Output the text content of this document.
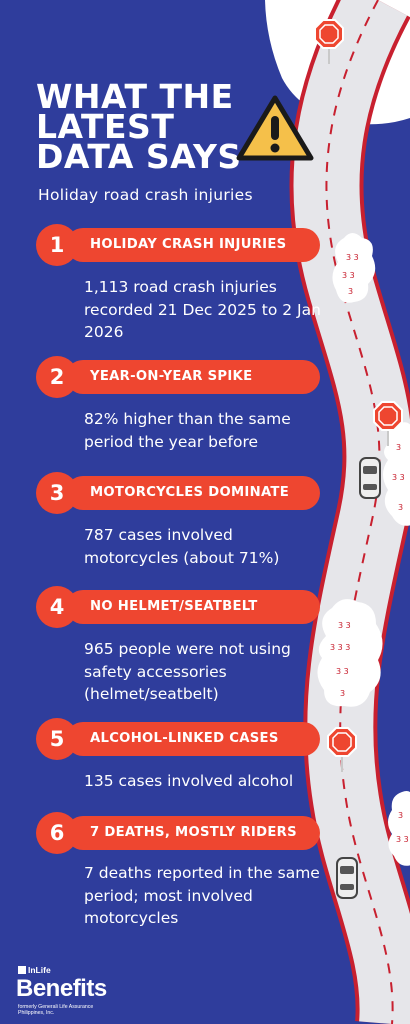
3 3
3 3
3
3
3 3
3
3 3
3 3 3
3 3
3
3
3 3
WHAT THE
LATEST
DATA SAYS
Holiday road crash injuries
HOLIDAY CRASH INJURIES
1
1,113 road crash injuries recorded 21 Dec 2025 to 2 Jan 2026
YEAR-ON-YEAR SPIKE
2
82% higher than the same period the year before
MOTORCYCLES DOMINATE
3
787 cases involved motorcycles (about 71%)
NO HELMET/SEATBELT
4
965 people were not using safety accessories (helmet/seatbelt)
ALCOHOL-LINKED CASES
5
135 cases involved alcohol
7 DEATHS, MOSTLY RIDERS
6
7 deaths reported in the same period; most involved motorcycles
InLife
Benefits
formerly Generali Life Assurance Philippines, Inc.
